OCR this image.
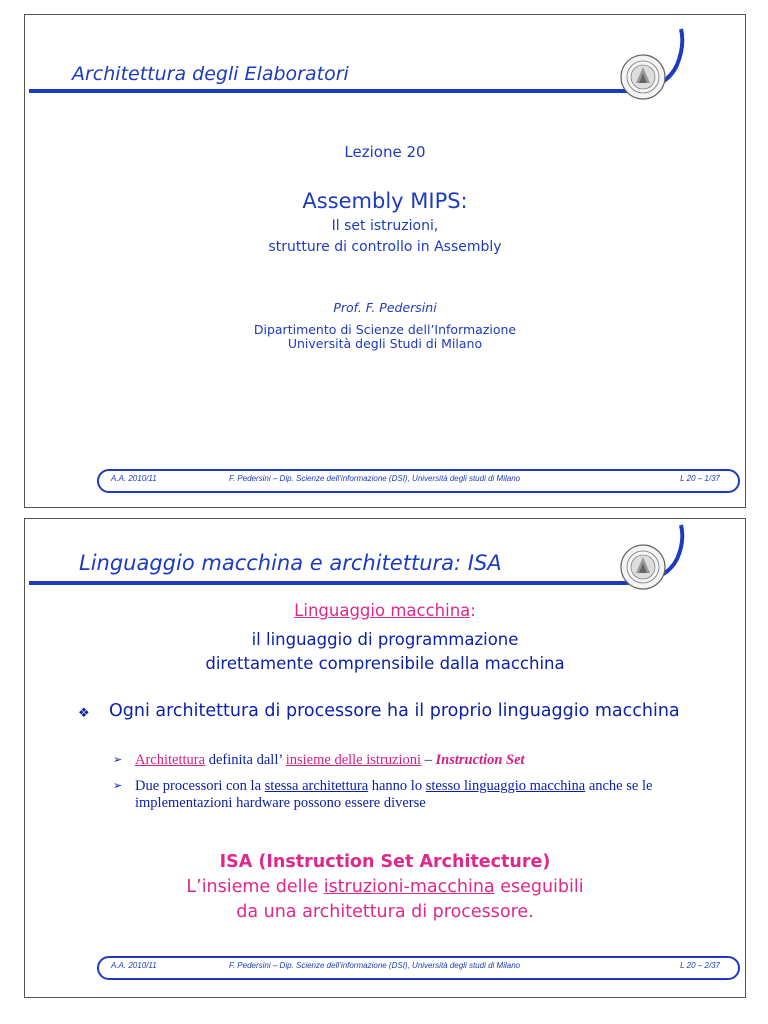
Architettura degli Elaboratori
Lezione 20
Assembly MIPS:
Il set istruzioni,
strutture di controllo in Assembly
Prof. F. Pedersini
Dipartimento di Scienze dell’Informazione
Università degli Studi di Milano
A.A. 2010/11	F. Pedersini – Dip. Scienze dell’informazione (DSI), Università degli studi di Milano	L 20 – 1/37
Linguaggio macchina e architettura: ISA
Linguaggio macchina:
il linguaggio di programmazione
direttamente comprensibile dalla macchina
❖	Ogni architettura di processore ha il proprio linguaggio macchina
➢ Architettura definita dall’ insieme delle istruzioni – Instruction Set
➢ Due processori con la stessa architettura hanno lo stesso linguaggio macchina anche se le implementazioni hardware possono essere diverse
ISA (Instruction Set Architecture)
L’insieme delle istruzioni-macchina eseguibili
da una architettura di processore.
A.A. 2010/11	F. Pedersini – Dip. Scienze dell’informazione (DSI), Università degli studi di Milano	L 20 – 2/37
